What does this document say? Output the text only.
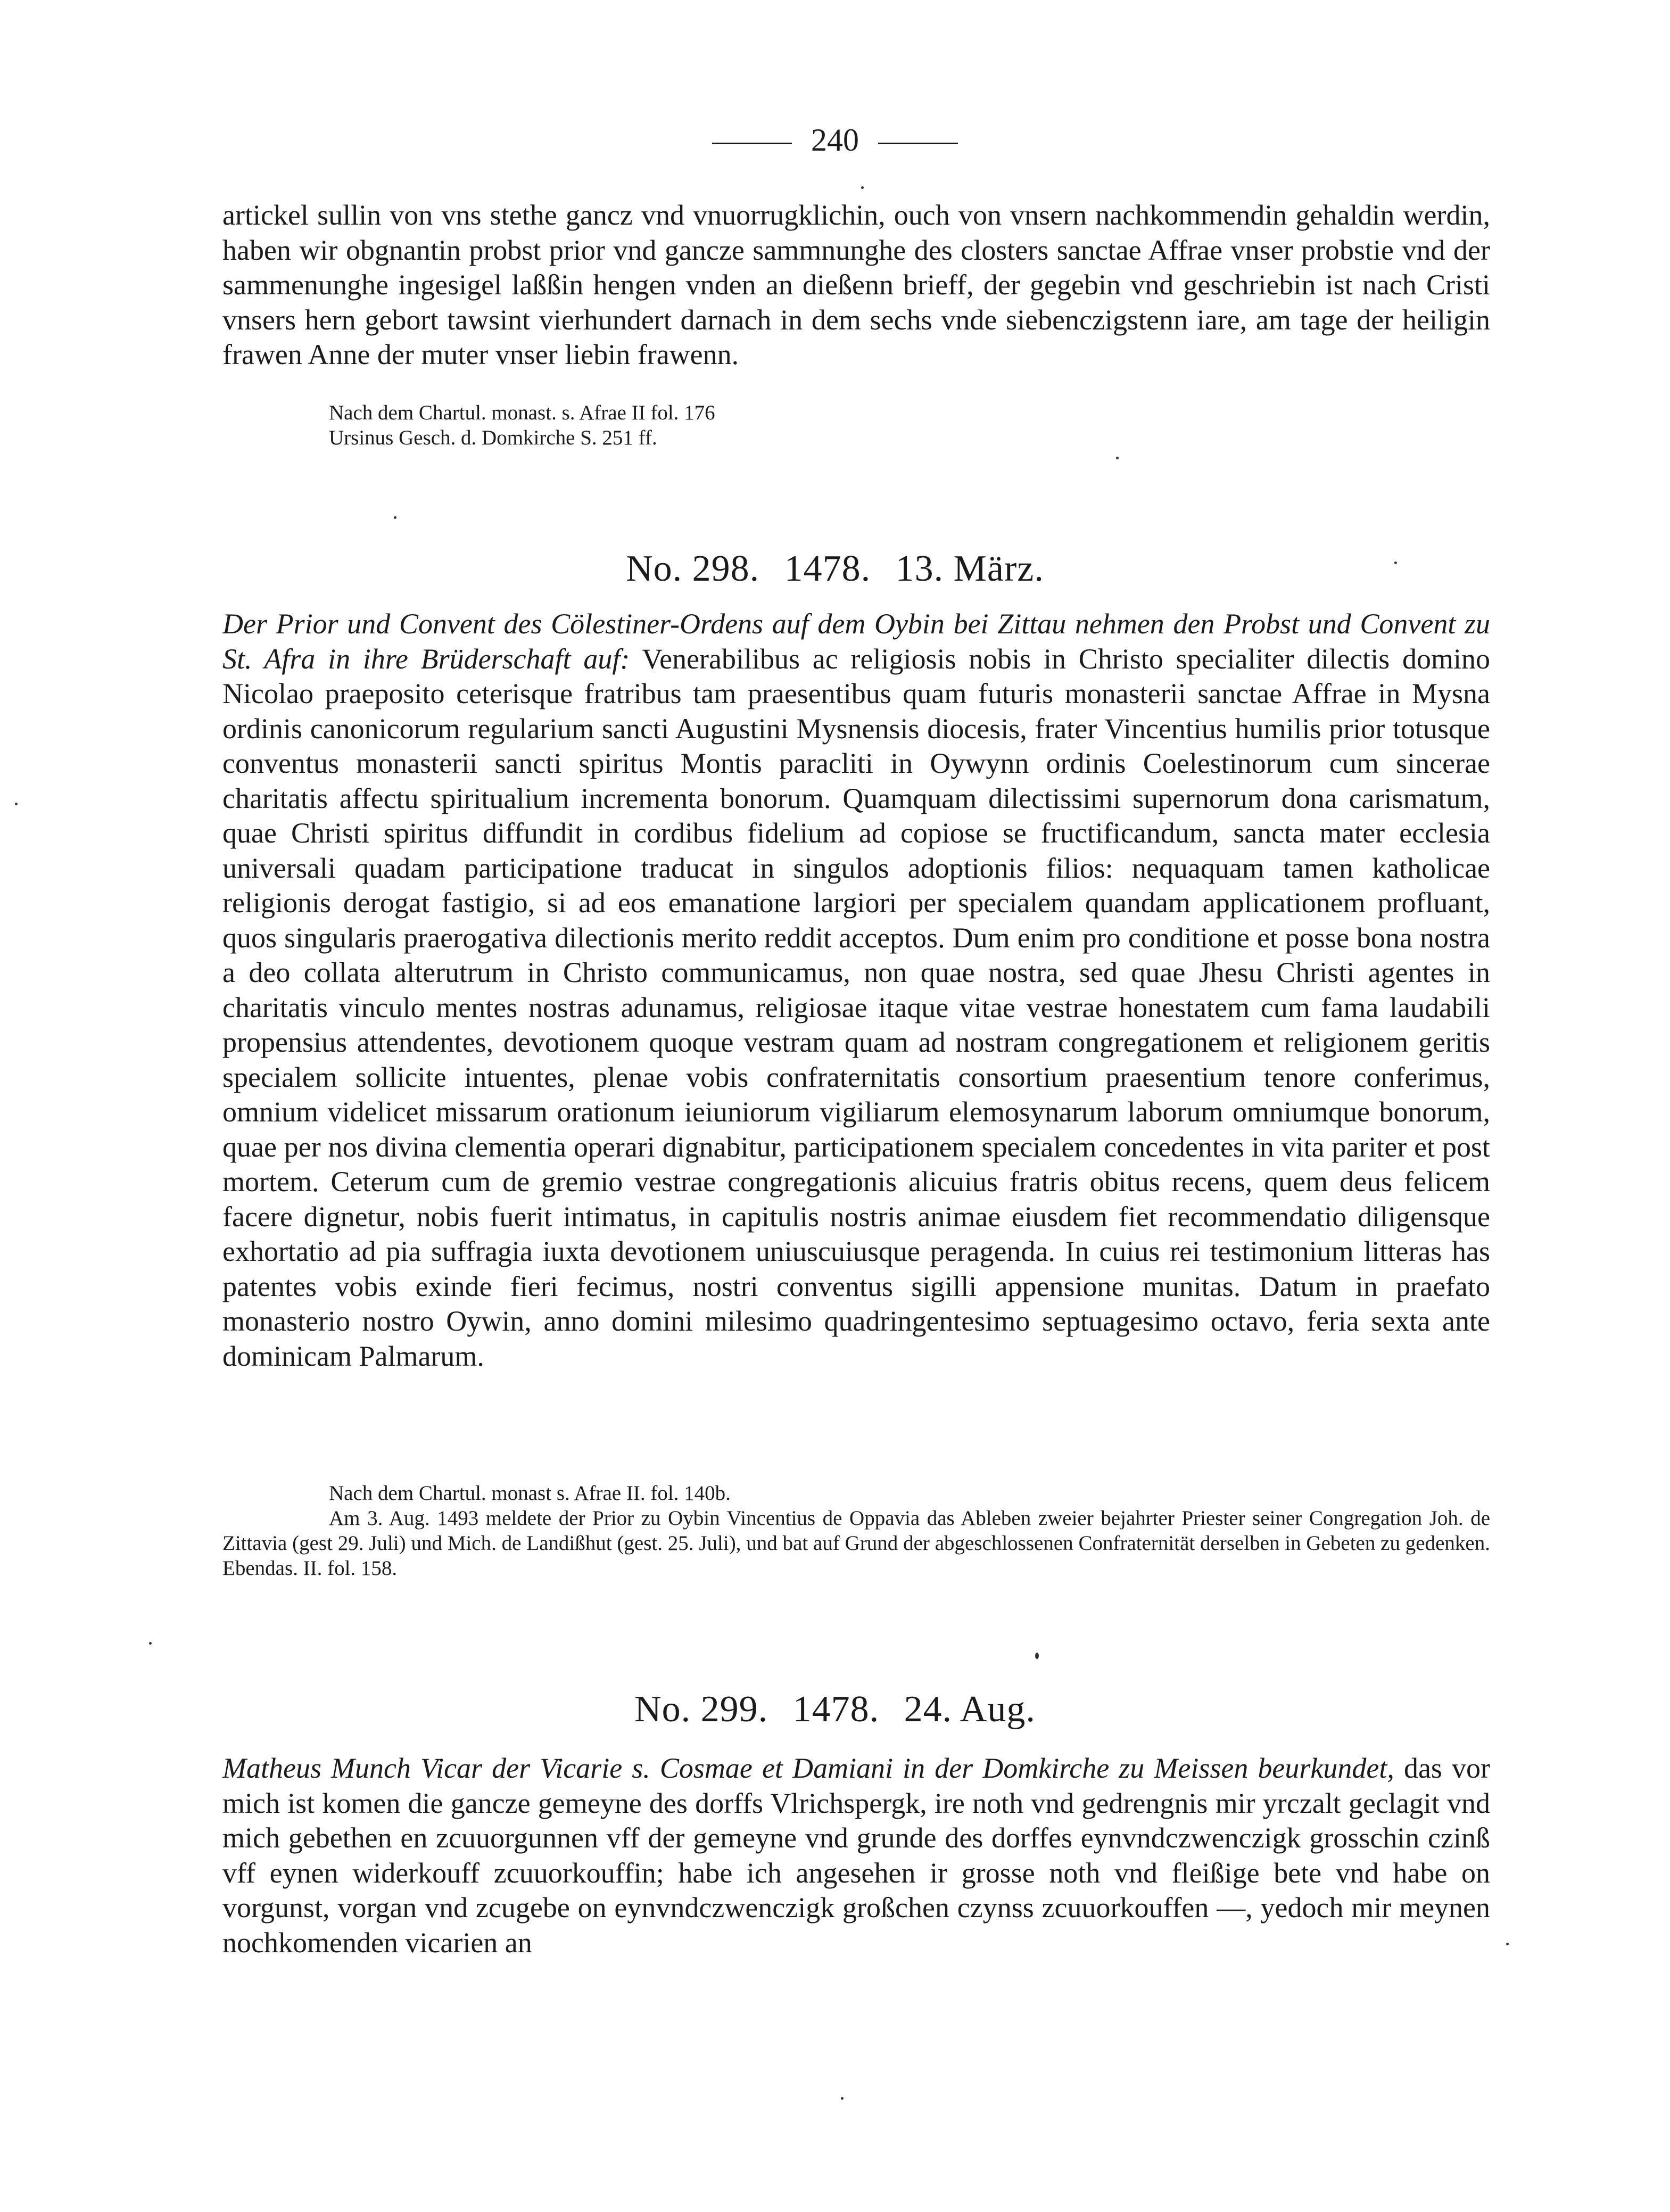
240

artickel sullin von vns stethe gancz vnd vnuorrugklichin, ouch von vnsern nachkommendin gehaldin werdin, haben wir obgnantin probst prior vnd gancze sammnunghe des closters sanctae Affrae vnser probstie vnd der sammenunghe ingesigel laßßin hengen vnden an dießenn brieff, der gegebin vnd geschriebin ist nach Cristi vnsers hern gebort tawsint vierhundert darnach in dem sechs vnde siebenczigstenn iare, am tage der heiligin frawen Anne der muter vnser liebin frawenn.

Nach dem Chartul. monast. s. Afrae II fol. 176

Ursinus Gesch. d. Domkirche S. 251 ff.

No. 298. 1478. 13. März.

Der Prior und Convent des Cölestiner-Ordens auf dem Oybin bei Zittau nehmen den Probst und Convent zu St. Afra in ihre Brüderschaft auf: Venerabilibus ac religiosis nobis in Christo specialiter dilectis domino Nicolao praeposito ceterisque fratribus tam praesentibus quam futuris monasterii sanctae Affrae in Mysna ordinis canonicorum regularium sancti Augustini Mysnensis diocesis, frater Vincentius humilis prior totusque conventus monasterii sancti spiritus Montis paracliti in Oywynn ordinis Coelestinorum cum sincerae charitatis affectu spiritualium incrementa bonorum. Quamquam dilectissimi supernorum dona carismatum, quae Christi spiritus diffundit in cordibus fidelium ad copiose se fructificandum, sancta mater ecclesia universali quadam participatione traducat in singulos adoptionis filios: nequaquam tamen katholicae religionis derogat fastigio, si ad eos emanatione largiori per specialem quandam applicationem profluant, quos singularis praerogativa dilectionis merito reddit acceptos. Dum enim pro conditione et posse bona nostra a deo collata alterutrum in Christo communicamus, non quae nostra, sed quae Jhesu Christi agentes in charitatis vinculo mentes nostras adunamus, religiosae itaque vitae vestrae honestatem cum fama laudabili propensius attendentes, devotionem quoque vestram quam ad nostram congregationem et religionem geritis specialem sollicite intuentes, plenae vobis confraternitatis consortium praesentium tenore conferimus, omnium videlicet missarum orationum ieiuniorum vigiliarum elemosynarum laborum omniumque bonorum, quae per nos divina clementia operari dignabitur, participationem specialem concedentes in vita pariter et post mortem. Ceterum cum de gremio vestrae congregationis alicuius fratris obitus recens, quem deus felicem facere dignetur, nobis fuerit intimatus, in capitulis nostris animae eiusdem fiet recommendatio diligensque exhortatio ad pia suffragia iuxta devotionem uniuscuiusque peragenda. In cuius rei testimonium litteras has patentes vobis exinde fieri fecimus, nostri conventus sigilli appensione munitas. Datum in praefato monasterio nostro Oywin, anno domini milesimo quadringentesimo septuagesimo octavo, feria sexta ante dominicam Palmarum.

Nach dem Chartul. monast s. Afrae II. fol. 140b.

Am 3. Aug. 1493 meldete der Prior zu Oybin Vincentius de Oppavia das Ableben zweier bejahrter Priester seiner Congregation Joh. de Zittavia (gest 29. Juli) und Mich. de Landißhut (gest. 25. Juli), und bat auf Grund der abgeschlossenen Confraternität derselben in Gebeten zu gedenken. Ebendas. II. fol. 158.

No. 299. 1478. 24. Aug.

Matheus Munch Vicar der Vicarie s. Cosmae et Damiani in der Domkirche zu Meissen beurkundet, das vor mich ist komen die gancze gemeyne des dorffs Vlrichspergk, ire noth vnd gedrengnis mir yrczalt geclagit vnd mich gebethen en zcuuorgunnen vff der gemeyne vnd grunde des dorffes eynvndczwenczigk grosschin czinß vff eynen widerkouff zcuuorkouffin; habe ich angesehen ir grosse noth vnd fleißige bete vnd habe on vorgunst, vorgan vnd zcugebe on eynvndczwenczigk großchen czynss zcuuorkouffen —, yedoch mir meynen nochkomenden vicarien an
